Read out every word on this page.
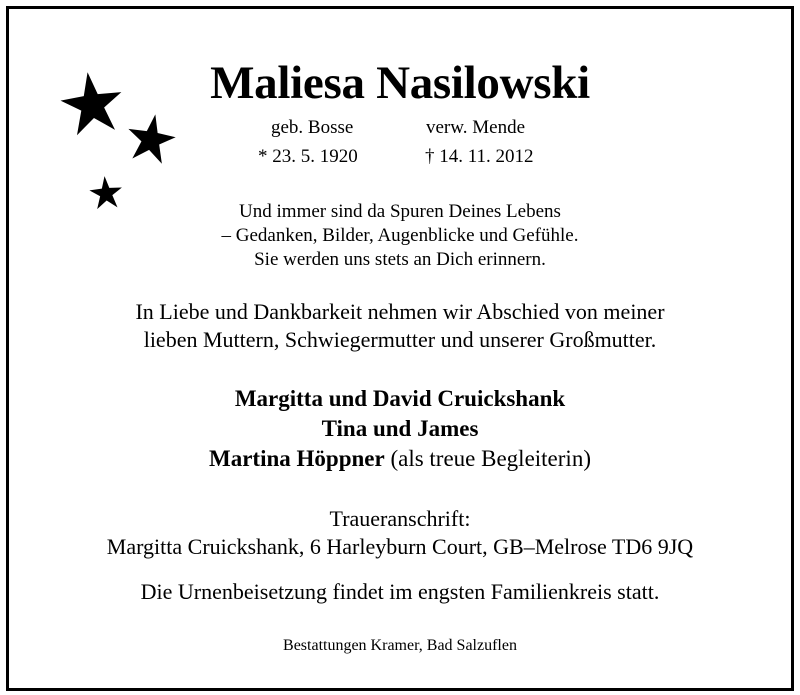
Maliesa Nasilowski
geb. Bosse	verw. Mende
* 23. 5. 1920	† 14. 11. 2012
Und immer sind da Spuren Deines Lebens
– Gedanken, Bilder, Augenblicke und Gefühle.
Sie werden uns stets an Dich erinnern.
In Liebe und Dankbarkeit nehmen wir Abschied von meiner
lieben Muttern, Schwiegermutter und unserer Großmutter.
Margitta und David Cruickshank
Tina und James
Martina Höppner (als treue Begleiterin)
Traueranschrift:
Margitta Cruickshank, 6 Harleyburn Court, GB–Melrose TD6 9JQ
Die Urnenbeisetzung findet im engsten Familienkreis statt.
Bestattungen Kramer, Bad Salzuflen
